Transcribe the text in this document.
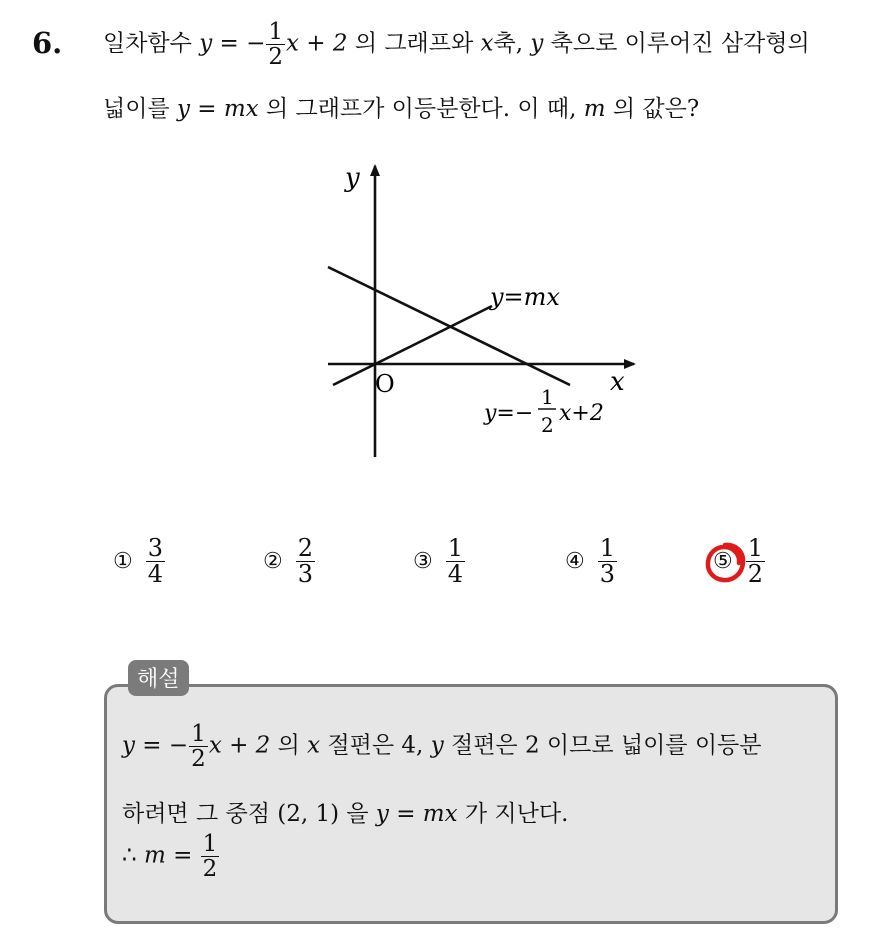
6. 일차함수 y = − $\frac{1}{2}$ x + 2 의 그래프와 x축, y 축으로 이루어진 삼각형의
넓이를 y = mx 의 그래프가 이등분한다. 이 때, m 의 값은?
y
x
O
y=mx
y=−
1
2 x+2
① $\frac{3}{4}$	② $\frac{2}{3}$	③ $\frac{1}{4}$	④ $\frac{1}{3}$	⑤ $\frac{1}{2}$
해설
y = − $\frac{1}{2}$ x + 2 의 x 절편은 4, y 절편은 2 이므로 넓이를 이등분
하려면 그 중점 (2, 1) 을 y = mx 가 지난다.
∴ $m = \frac{1}{2}$
